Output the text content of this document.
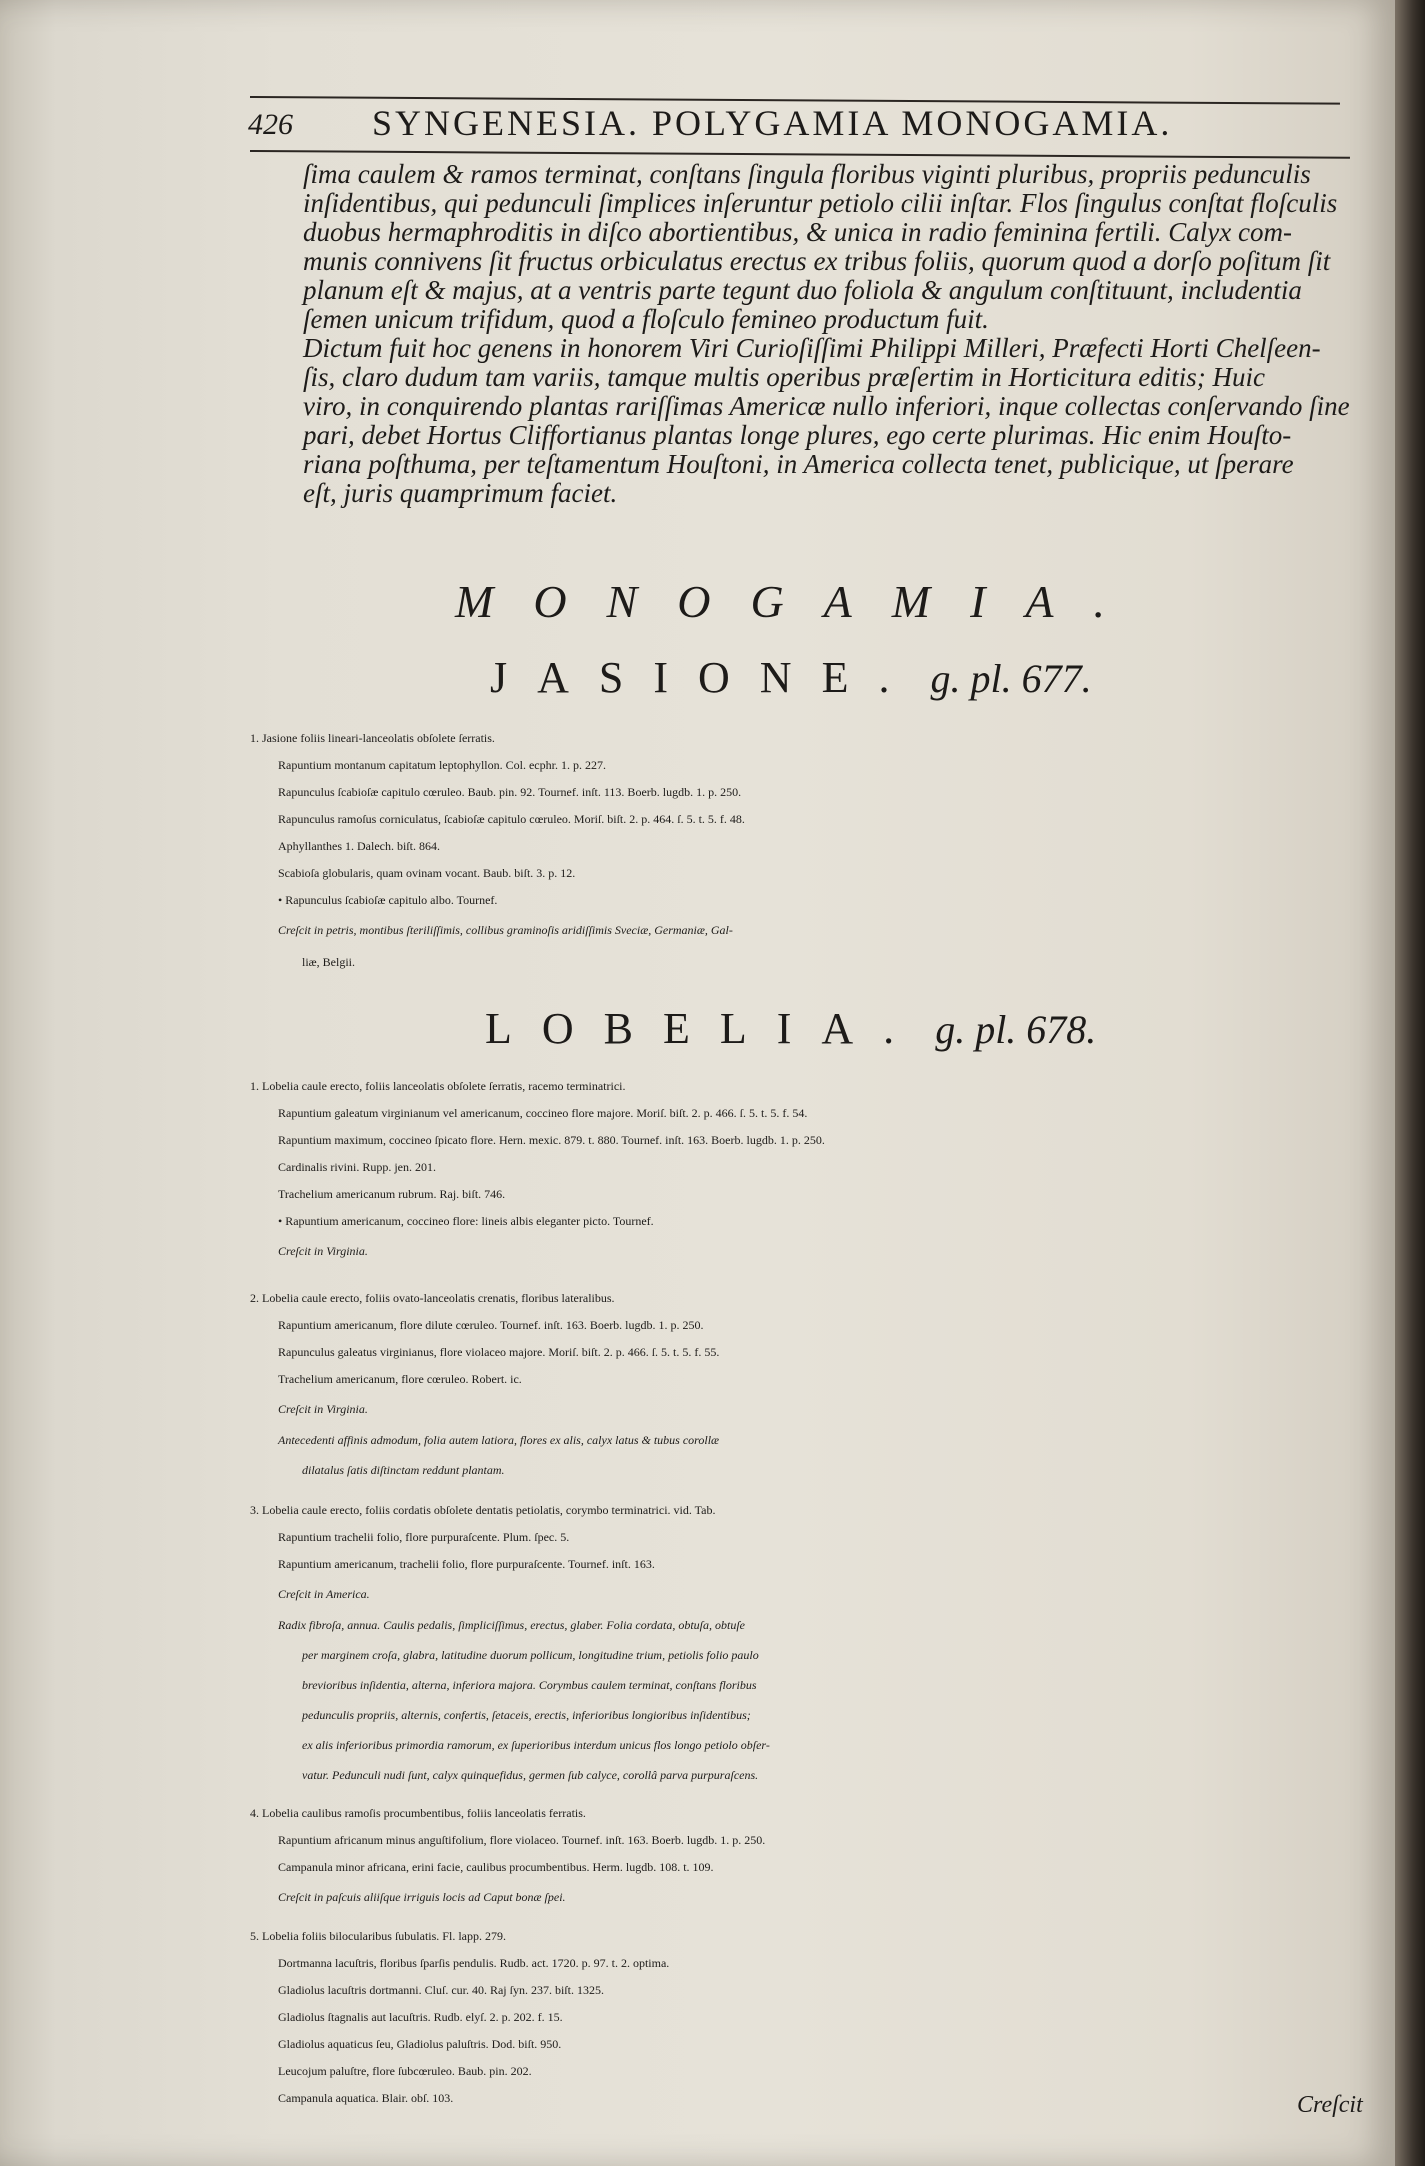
426 SYNGENESIA. POLYGAMIA MONOGAMIA.
ſima caulem & ramos terminat, conſtans ſingula floribus viginti pluribus, propriis pedunculis
inſidentibus, qui pedunculi ſimplices inſeruntur petiolo cilii inſtar. Flos ſingulus conſtat floſculis
duobus hermaphroditis in diſco abortientibus, & unica in radio feminina fertili. Calyx com-
munis connivens ſit fructus orbiculatus erectus ex tribus foliis, quorum quod a dorſo poſitum ſit
planum eſt & majus, at a ventris parte tegunt duo foliola & angulum conſtituunt, includentia
ſemen unicum trifidum, quod a floſculo femineo productum fuit.
Dictum fuit hoc genens in honorem Viri Curioſiſſimi Philippi Milleri, Præfecti Horti Chelſeen-
ſis, claro dudum tam variis, tamque multis operibus præſertim in Horticitura editis; Huic
viro, in conquirendo plantas rariſſimas Americæ nullo inferiori, inque collectas conſervando ſine
pari, debet Hortus Cliffortianus plantas longe plures, ego certe plurimas. Hic enim Houſto-
riana poſthuma, per teſtamentum Houſtoni, in America collecta tenet, publicique, ut ſperare
eſt, juris quamprimum faciet.
MONOGAMIA.
JASIONE. g. pl. 677.
1. Jasione foliis lineari-lanceolatis obſolete ſerratis.
Rapuntium montanum capitatum leptophyllon. Col. ecphr. 1. p. 227.
Rapunculus ſcabioſæ capitulo cœruleo. Baub. pin. 92. Tournef. inſt. 113. Boerb. lugdb. 1. p. 250.
Rapunculus ramoſus corniculatus, ſcabioſæ capitulo cœruleo. Moriſ. biſt. 2. p. 464. ſ. 5. t. 5. f. 48.
Aphyllanthes 1. Dalech. biſt. 864.
Scabioſa globularis, quam ovinam vocant. Baub. biſt. 3. p. 12.
• Rapunculus ſcabioſæ capitulo albo. Tournef.
Creſcit in petris, montibus ſteriliſſimis, collibus graminoſis aridiſſimis Sveciæ, Germaniæ, Gal-
liæ, Belgii.
LOBELIA. g. pl. 678.
1. Lobelia caule erecto, foliis lanceolatis obſolete ſerratis, racemo terminatrici.
Rapuntium galeatum virginianum vel americanum, coccineo flore majore. Moriſ. biſt. 2. p. 466. ſ. 5. t. 5. f. 54.
Rapuntium maximum, coccineo ſpicato flore. Hern. mexic. 879. t. 880. Tournef. inſt. 163. Boerb. lugdb. 1. p. 250.
Cardinalis rivini. Rupp. jen. 201.
Trachelium americanum rubrum. Raj. biſt. 746.
• Rapuntium americanum, coccineo flore: lineis albis eleganter picto. Tournef.
Creſcit in Virginia.
2. Lobelia caule erecto, foliis ovato-lanceolatis crenatis, floribus lateralibus.
Rapuntium americanum, flore dilute cœruleo. Tournef. inſt. 163. Boerb. lugdb. 1. p. 250.
Rapunculus galeatus virginianus, flore violaceo majore. Moriſ. biſt. 2. p. 466. ſ. 5. t. 5. f. 55.
Trachelium americanum, flore cœruleo. Robert. ic.
Creſcit in Virginia.
Antecedenti affinis admodum, folia autem latiora, flores ex alis, calyx latus & tubus corollæ
dilatalus ſatis diſtinctam reddunt plantam.
3. Lobelia caule erecto, foliis cordatis obſolete dentatis petiolatis, corymbo terminatrici. vid. Tab.
Rapuntium trachelii folio, flore purpuraſcente. Plum. ſpec. 5.
Rapuntium americanum, trachelii folio, flore purpuraſcente. Tournef. inſt. 163.
Creſcit in America.
Radix fibroſa, annua. Caulis pedalis, ſimpliciſſimus, erectus, glaber. Folia cordata, obtuſa, obtuſe
per marginem croſa, glabra, latitudine duorum pollicum, longitudine trium, petiolis folio paulo
brevioribus inſidentia, alterna, inferiora majora. Corymbus caulem terminat, conſtans floribus
pedunculis propriis, alternis, confertis, ſetaceis, erectis, inferioribus longioribus inſidentibus;
ex alis inferioribus primordia ramorum, ex ſuperioribus interdum unicus flos longo petiolo obſer-
vatur. Pedunculi nudi ſunt, calyx quinquefidus, germen ſub calyce, corollâ parva purpuraſcens.
4. Lobelia caulibus ramoſis procumbentibus, foliis lanceolatis ferratis.
Rapuntium africanum minus anguſtifolium, flore violaceo. Tournef. inſt. 163. Boerb. lugdb. 1. p. 250.
Campanula minor africana, erini facie, caulibus procumbentibus. Herm. lugdb. 108. t. 109.
Creſcit in paſcuis aliiſque irriguis locis ad Caput bonæ ſpei.
5. Lobelia foliis bilocularibus ſubulatis. Fl. lapp. 279.
Dortmanna lacuſtris, floribus ſparſis pendulis. Rudb. act. 1720. p. 97. t. 2. optima.
Gladiolus lacuſtris dortmanni. Cluſ. cur. 40. Raj ſyn. 237. biſt. 1325.
Gladiolus ſtagnalis aut lacuſtris. Rudb. elyſ. 2. p. 202. f. 15.
Gladiolus aquaticus ſeu, Gladiolus paluſtris. Dod. biſt. 950.
Leucojum paluſtre, flore ſubcœruleo. Baub. pin. 202.
Campanula aquatica. Blair. obſ. 103.	Creſcit
